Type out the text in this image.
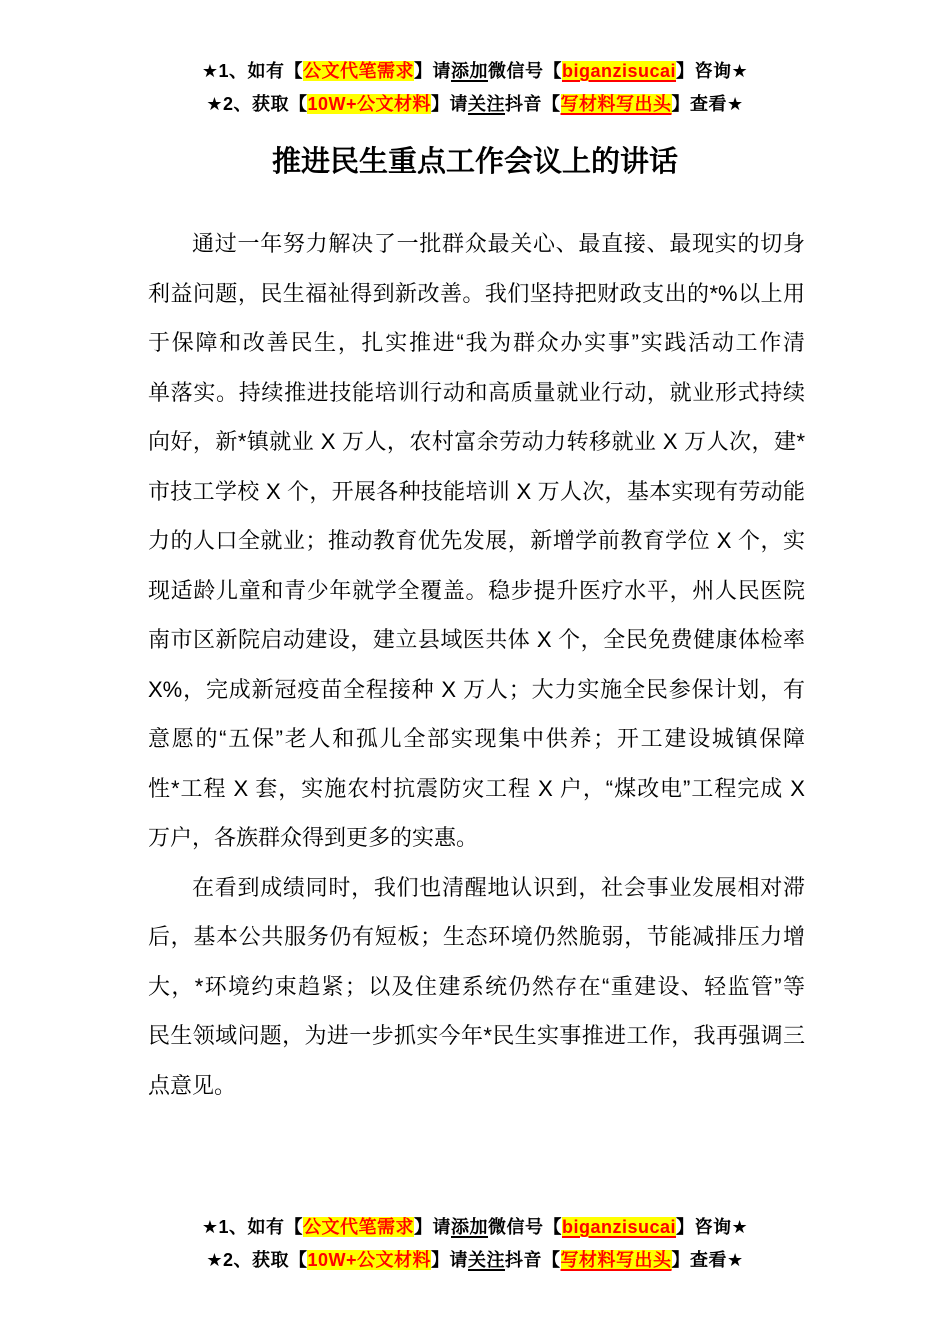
★1、如有【公文代笔需求】请添加微信号【biganzisucai】咨询★
★2、获取【10W+公文材料】请关注抖音【写材料写出头】查看★
推进民生重点工作会议上的讲话
通过一年努力解决了一批群众最关心、最直接、最现实的切身
利益问题，民生福祉得到新改善。我们坚持把财政支出的*%以上用
于保障和改善民生，扎实推进“我为群众办实事”实践活动工作清
单落实。持续推进技能培训行动和高质量就业行动，就业形式持续
向好，新*镇就业 X 万人，农村富余劳动力转移就业 X 万人次，建*
市技工学校 X 个，开展各种技能培训 X 万人次，基本实现有劳动能
力的人口全就业；推动教育优先发展，新增学前教育学位 X 个，实
现适龄儿童和青少年就学全覆盖。稳步提升医疗水平，州人民医院
南市区新院启动建设，建立县域医共体 X 个，全民免费健康体检率
X%，完成新冠疫苗全程接种 X 万人；大力实施全民参保计划，有
意愿的“五保”老人和孤儿全部实现集中供养；开工建设城镇保障
性*工程 X 套，实施农村抗震防灾工程 X 户，“煤改电”工程完成 X
万户，各族群众得到更多的实惠。
在看到成绩同时，我们也清醒地认识到，社会事业发展相对滞
后，基本公共服务仍有短板；生态环境仍然脆弱，节能减排压力增
大，*环境约束趋紧；以及住建系统仍然存在“重建设、轻监管”等
民生领域问题，为进一步抓实今年*民生实事推进工作，我再强调三
点意见。
★1、如有【公文代笔需求】请添加微信号【biganzisucai】咨询★
★2、获取【10W+公文材料】请关注抖音【写材料写出头】查看★
